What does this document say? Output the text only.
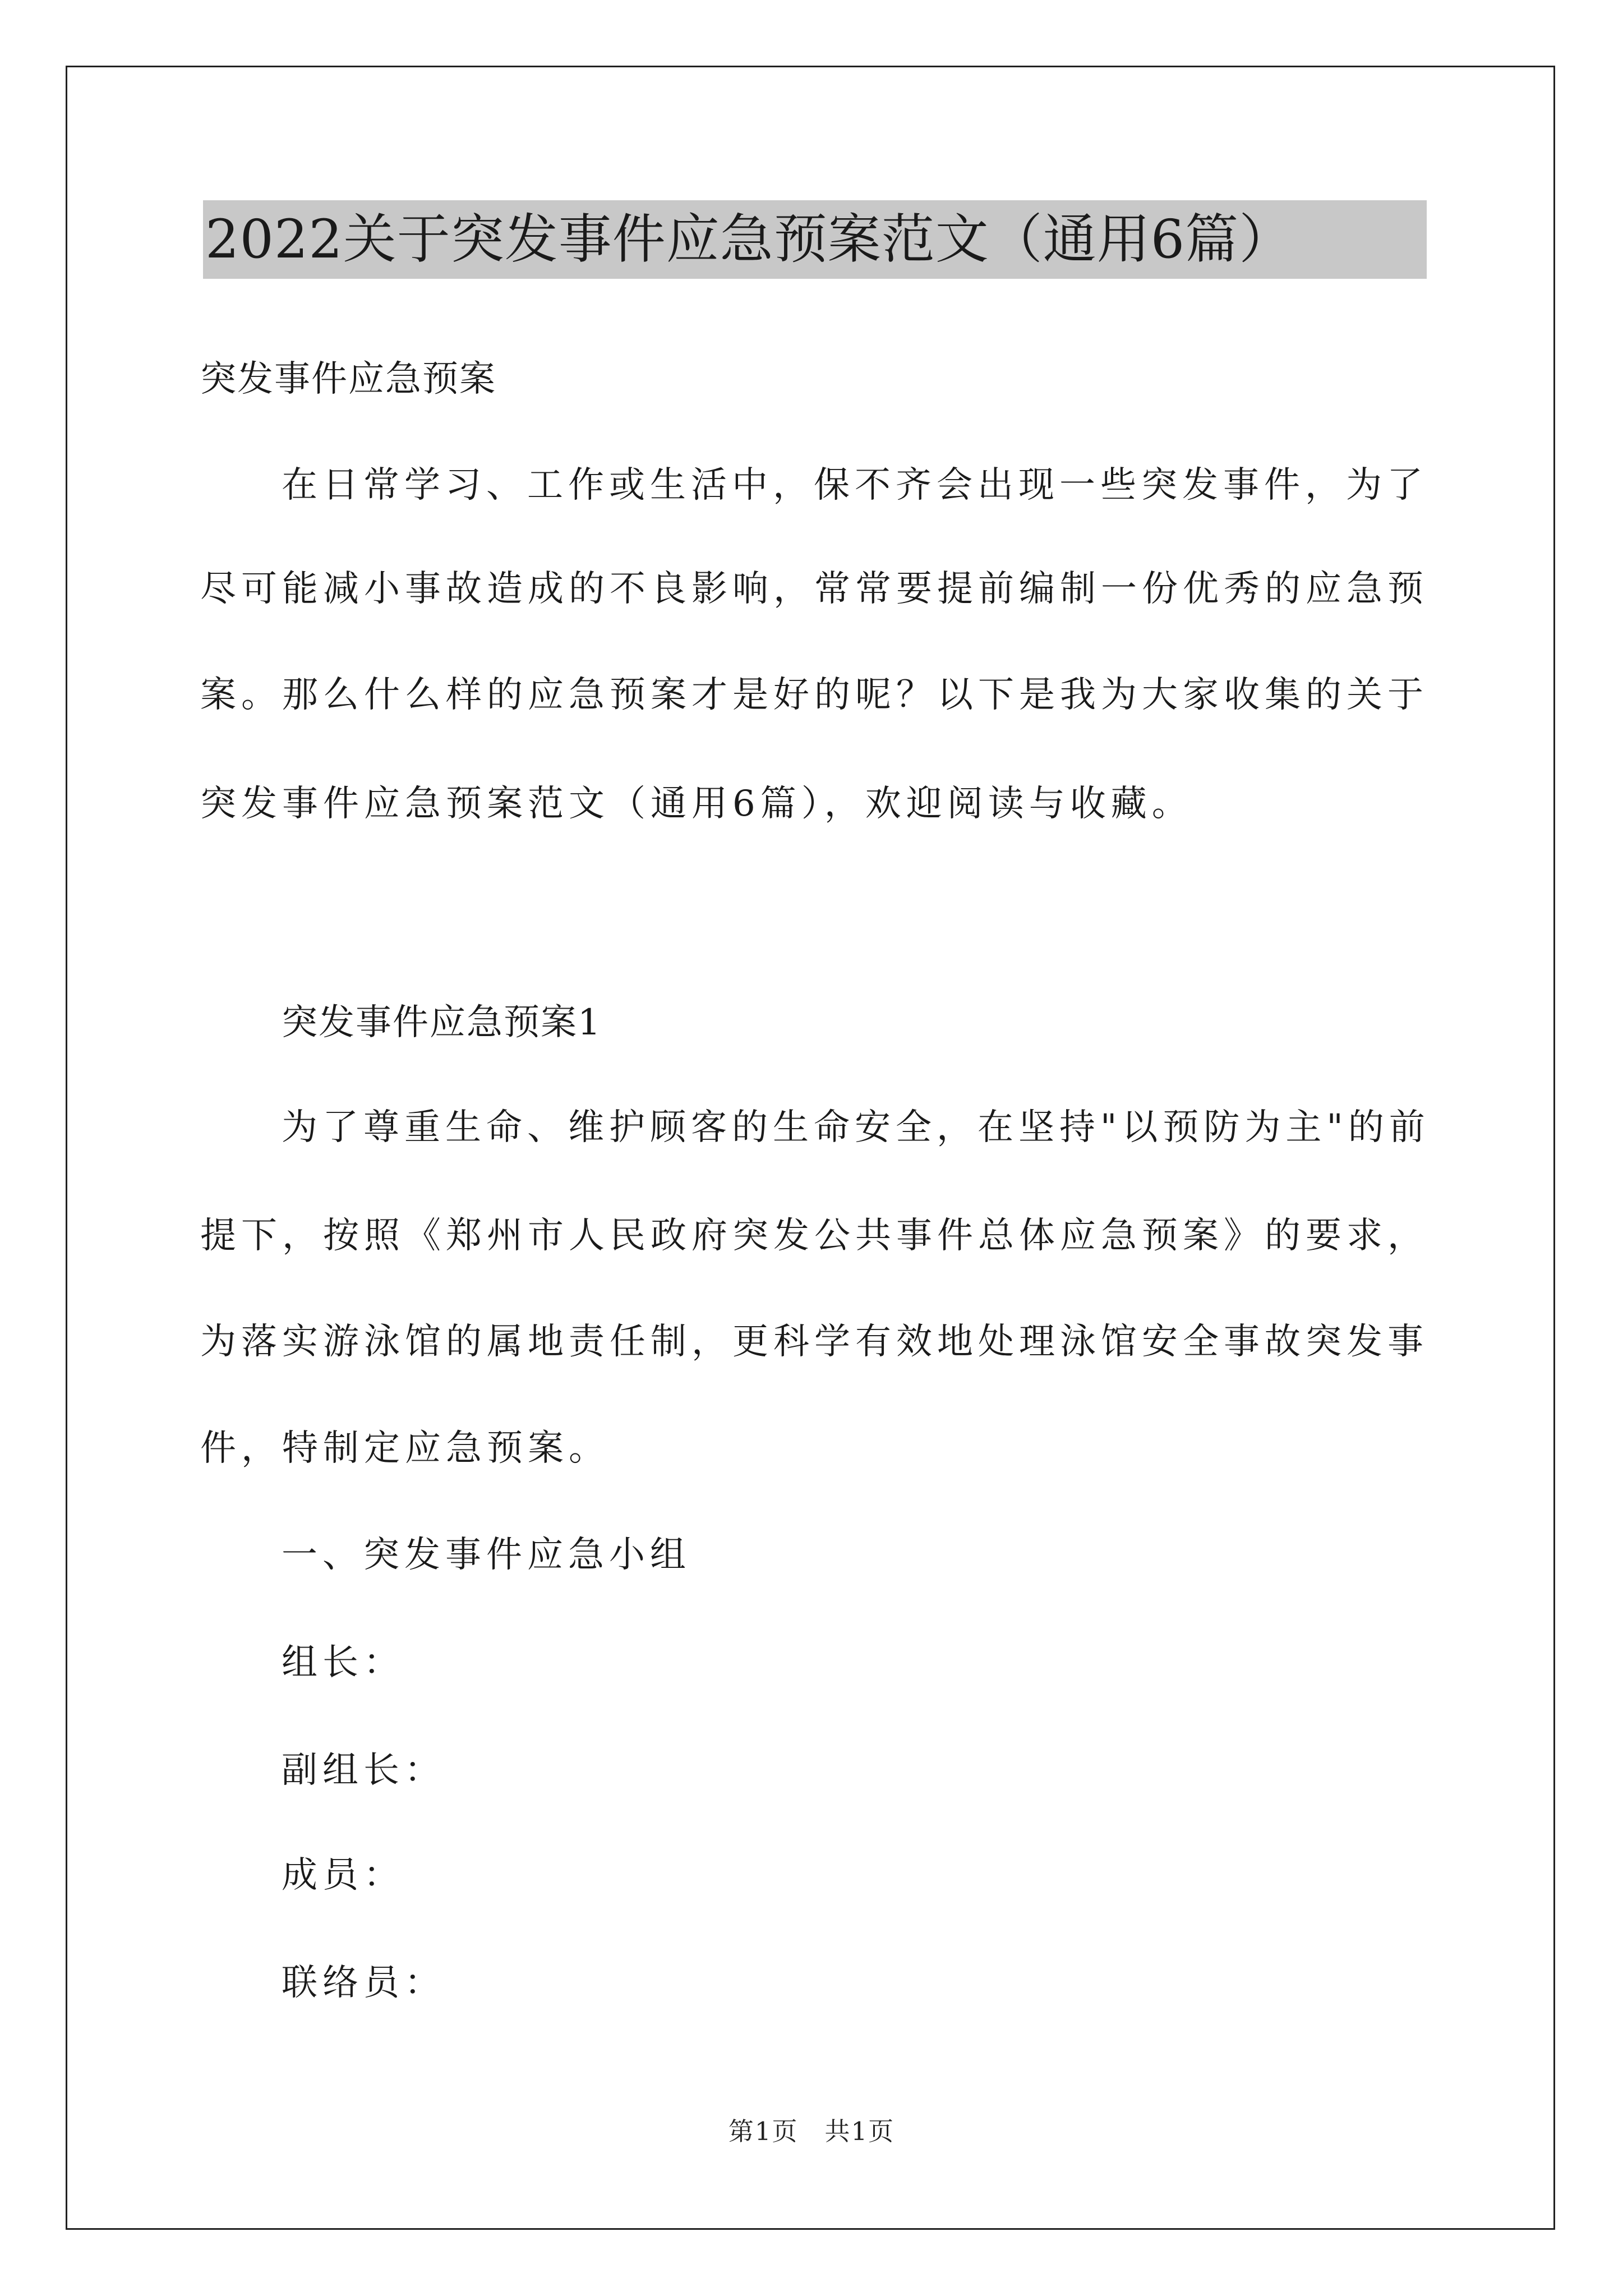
2022关于突发事件应急预案范文（通用6篇）
突发事件应急预案
在日常学习、工作或生活中，保不齐会出现一些突发事件，为了
尽可能减小事故造成的不良影响，常常要提前编制一份优秀的应急预
案。那么什么样的应急预案才是好的呢？以下是我为大家收集的关于
突发事件应急预案范文（通用6篇），欢迎阅读与收藏。
突发事件应急预案1
为了尊重生命、维护顾客的生命安全，在坚持"以预防为主"的前
提下，按照《郑州市人民政府突发公共事件总体应急预案》的要求，
为落实游泳馆的属地责任制，更科学有效地处理泳馆安全事故突发事
件，特制定应急预案。
一、突发事件应急小组
组长：
副组长：
成员：
联络员：
第1页　共1页
